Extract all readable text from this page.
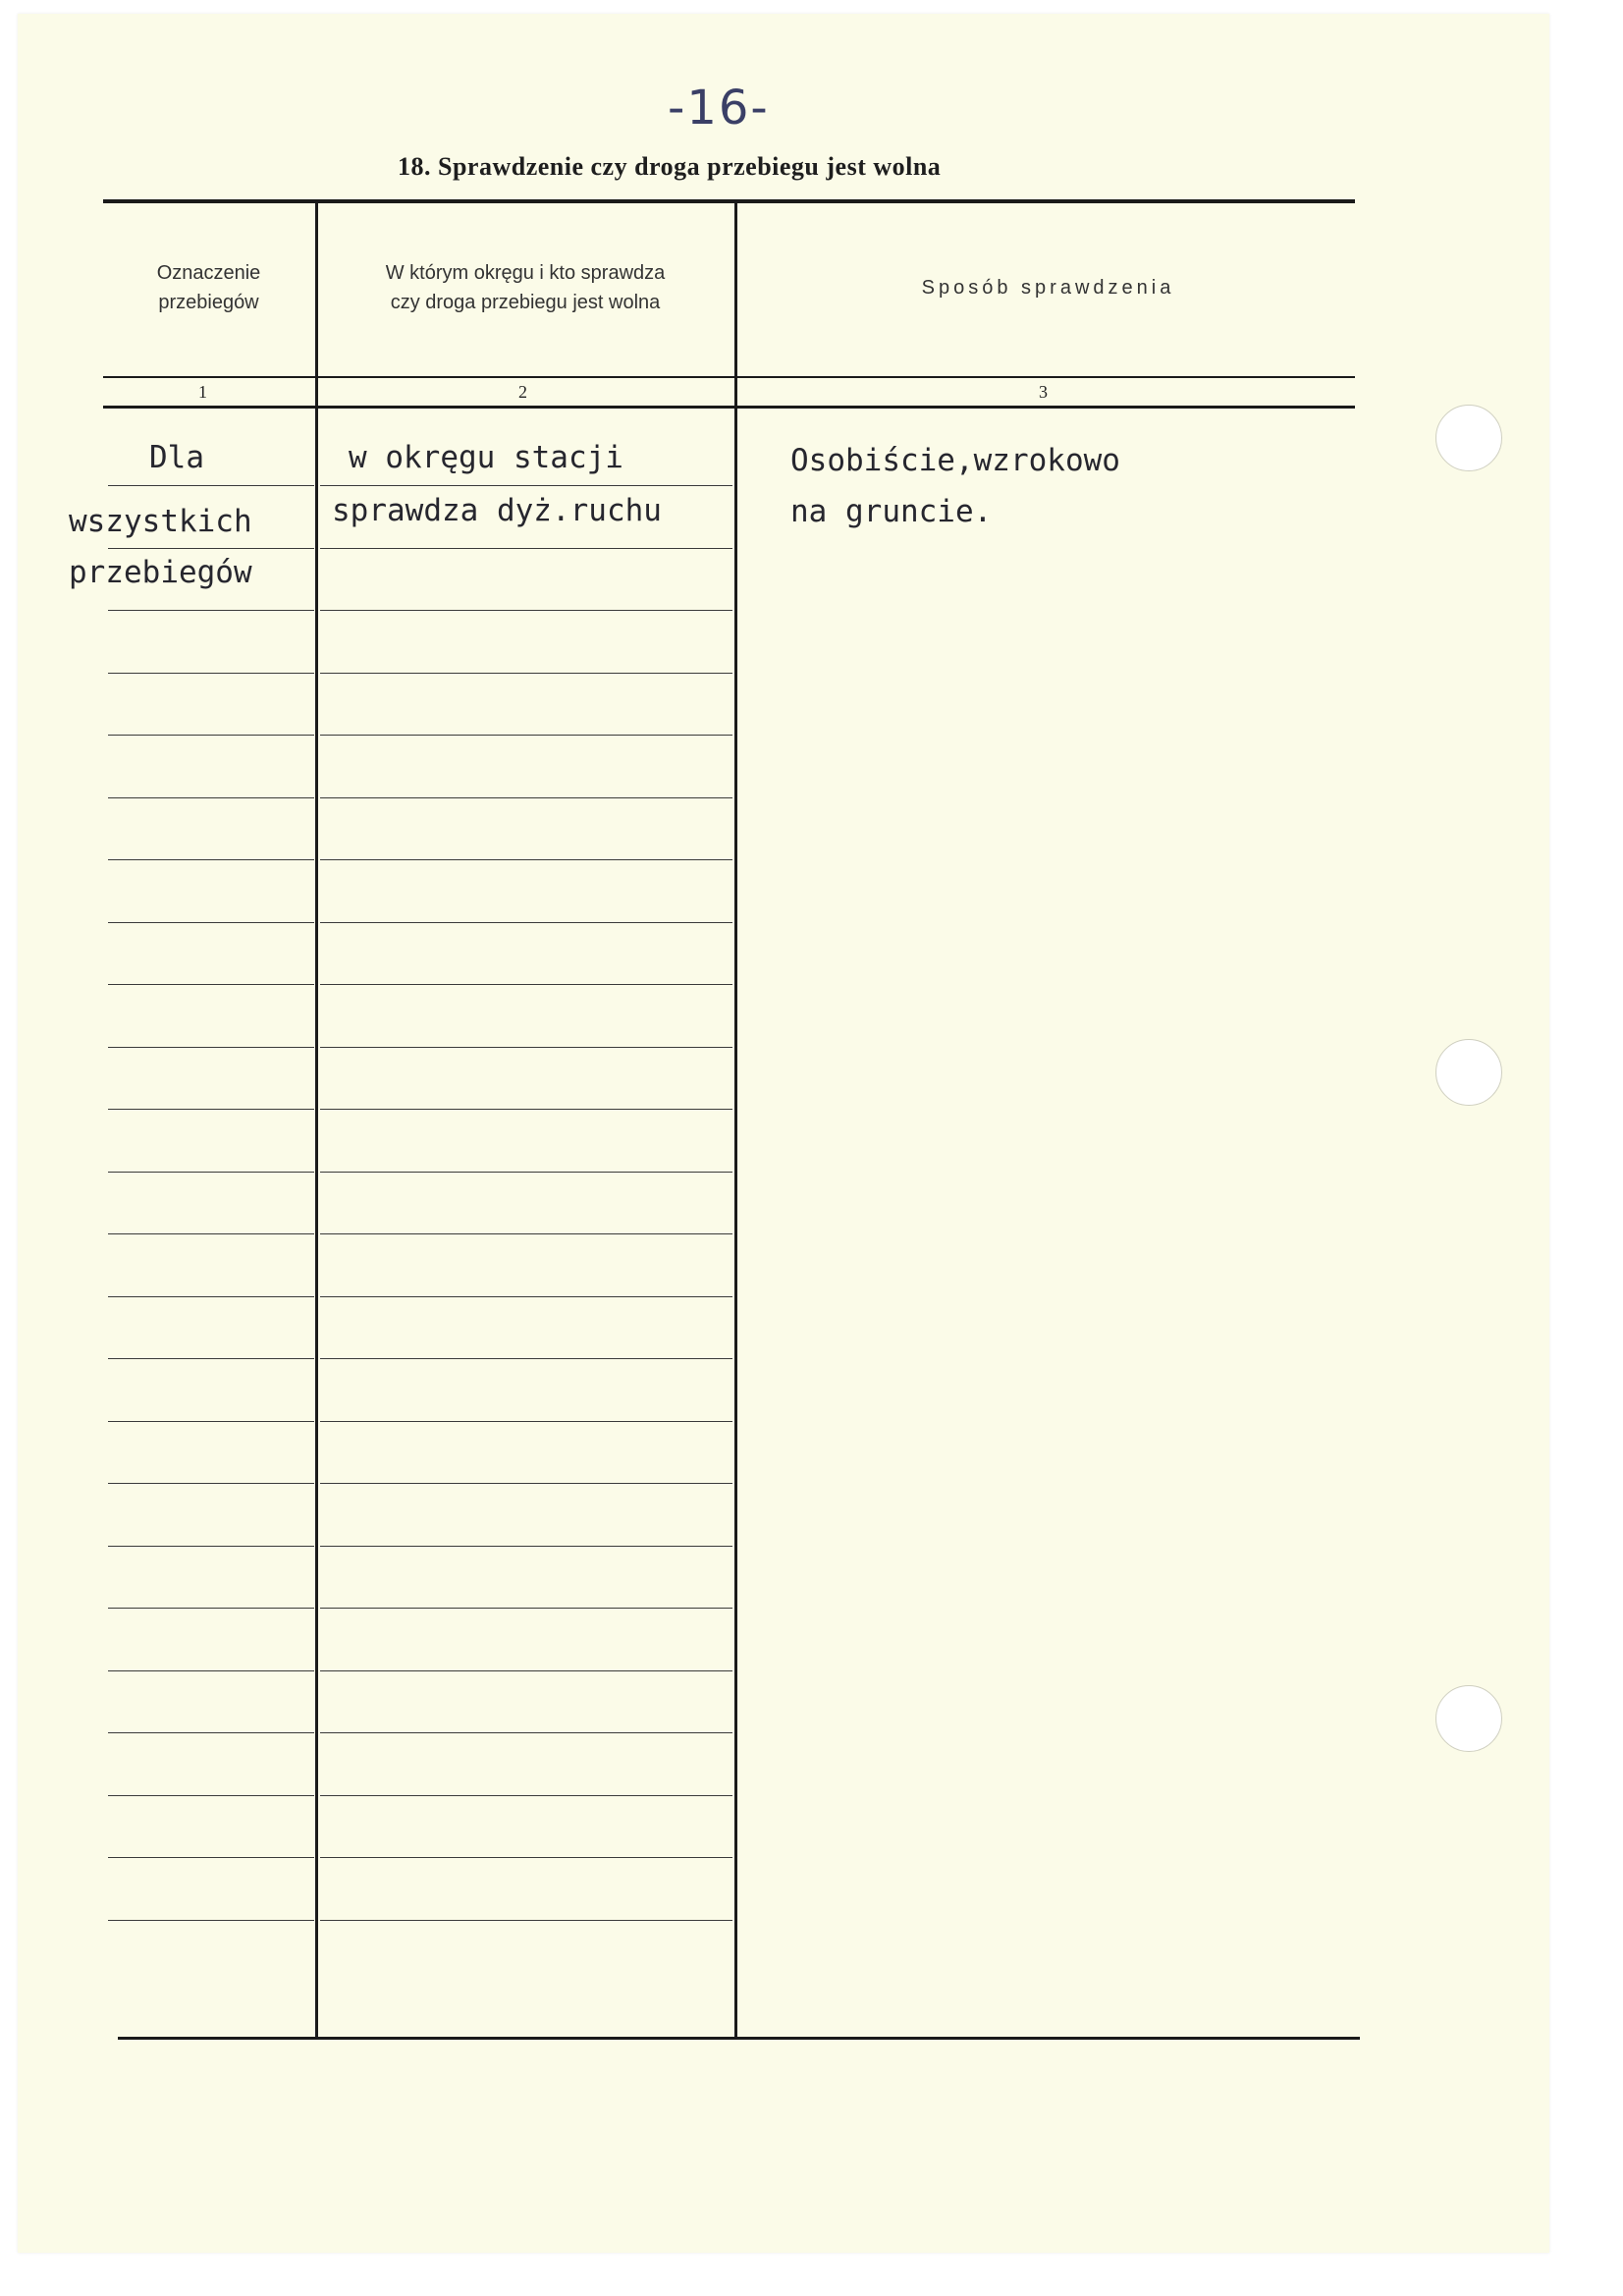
-16-
18. Sprawdzenie czy droga przebiegu jest wolna
Oznaczenie
przebiegów
W którym okręgu i kto sprawdza
czy droga przebiegu jest wolna
Sposób sprawdzenia
1	2	3
Dla
wszystkich
przebiegów
w okręgu stacji
sprawdza dyż.ruchu
Osobiście,wzrokowo
na gruncie.
